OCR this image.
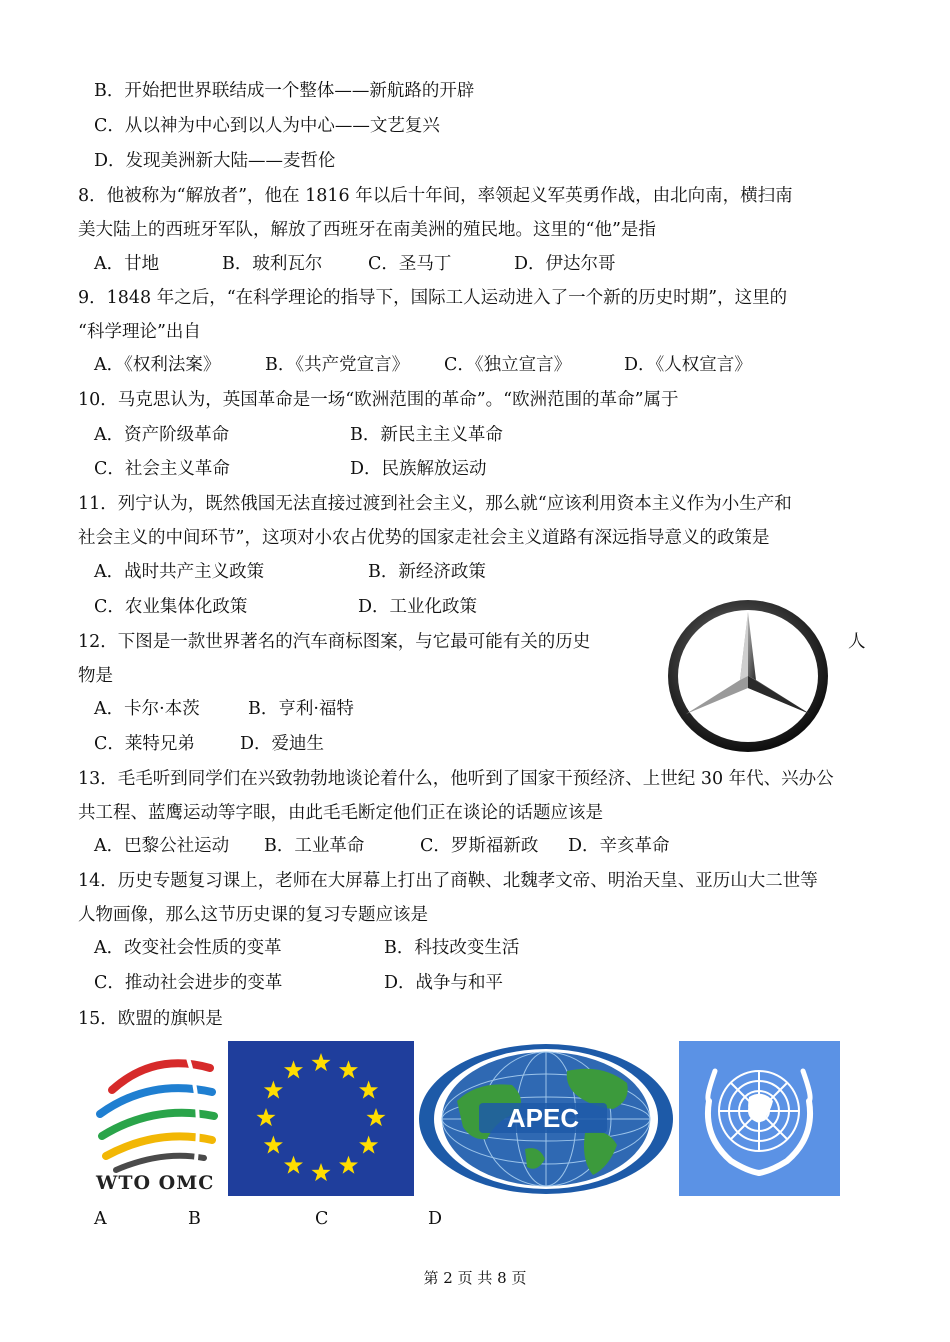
B．开始把世界联结成一个整体——新航路的开辟
C．从以神为中心到以人为中心——文艺复兴
D．发现美洲新大陆——麦哲伦
8．他被称为“解放者”，他在 1816 年以后十年间，率领起义军英勇作战，由北向南，横扫南
美大陆上的西班牙军队，解放了西班牙在南美洲的殖民地。这里的“他”是指
A．甘地	B．玻利瓦尔	C．圣马丁	D．伊达尔哥
9．1848 年之后，“在科学理论的指导下，国际工人运动进入了一个新的历史时期”，这里的
“科学理论”出自
A．《权利法案》	B．《共产党宣言》 C．《独立宣言》	D．《人权宣言》
10．马克思认为，英国革命是一场“欧洲范围的革命”。“欧洲范围的革命”属于
A．资产阶级革命	B．新民主主义革命
C．社会主义革命	D．民族解放运动
11．列宁认为，既然俄国无法直接过渡到社会主义，那么就“应该利用资本主义作为小生产和
社会主义的中间环节”，这项对小农占优势的国家走社会主义道路有深远指导意义的政策是
A．战时共产主义政策	B．新经济政策
C．农业集体化政策	D．工业化政策
12．下图是一款世界著名的汽车商标图案，与它最可能有关的历史	人
物是
A．卡尔·本茨	B．亨利·福特
C．莱特兄弟	D．爱迪生
13．毛毛听到同学们在兴致勃勃地谈论着什么，他听到了国家干预经济、上世纪 30 年代、兴办公
共工程、蓝鹰运动等字眼，由此毛毛断定他们正在谈论的话题应该是
A．巴黎公社运动 B．工业革命	C．罗斯福新政 D．辛亥革命
14．历史专题复习课上，老师在大屏幕上打出了商鞅、北魏孝文帝、明治天皇、亚历山大二世等
人物画像，那么这节历史课的复习专题应该是
A．改变社会性质的变革	B．科技改变生活
C．推动社会进步的变革	D．战争与和平
15．欧盟的旗帜是
WTO OMC
APEC
A	B	C	D
第 2 页 共 8 页
